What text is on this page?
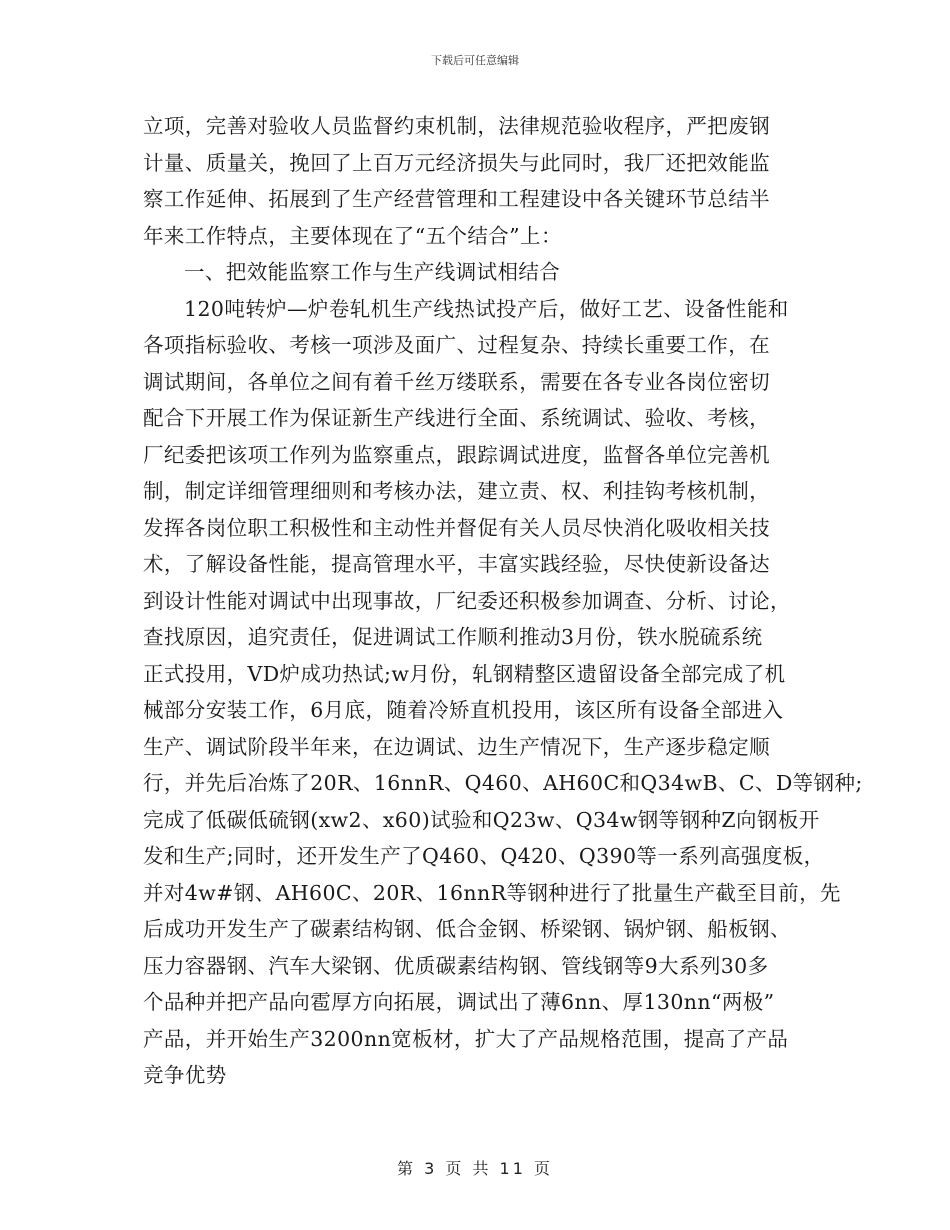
下载后可任意编辑
立项，完善对验收人员监督约束机制，法律规范验收程序，严把废钢
计量、质量关，挽回了上百万元经济损失与此同时，我厂还把效能监
察工作延伸、拓展到了生产经营管理和工程建设中各关键环节总结半
年来工作特点，主要体现在了“五个结合”上：
一、把效能监察工作与生产线调试相结合
120吨转炉—炉卷轧机生产线热试投产后，做好工艺、设备性能和
各项指标验收、考核一项涉及面广、过程复杂、持续长重要工作，在
调试期间，各单位之间有着千丝万缕联系，需要在各专业各岗位密切
配合下开展工作为保证新生产线进行全面、系统调试、验收、考核，
厂纪委把该项工作列为监察重点，跟踪调试进度，监督各单位完善机
制，制定详细管理细则和考核办法，建立责、权、利挂钩考核机制，
发挥各岗位职工积极性和主动性并督促有关人员尽快消化吸收相关技
术，了解设备性能，提高管理水平，丰富实践经验，尽快使新设备达
到设计性能对调试中出现事故，厂纪委还积极参加调查、分析、讨论，
查找原因，追究责任，促进调试工作顺利推动3月份，铁水脱硫系统
正式投用，VD炉成功热试;w月份，轧钢精整区遗留设备全部完成了机
械部分安装工作，6月底，随着冷矫直机投用，该区所有设备全部进入
生产、调试阶段半年来，在边调试、边生产情况下，生产逐步稳定顺
行，并先后冶炼了20R、16nnR、Q460、AH60C和Q34wB、C、D等钢种;
完成了低碳低硫钢(xw2、x60)试验和Q23w、Q34w钢等钢种Z向钢板开
发和生产;同时，还开发生产了Q460、Q420、Q390等一系列高强度板，
并对4w#钢、AH60C、20R、16nnR等钢种进行了批量生产截至目前，先
后成功开发生产了碳素结构钢、低合金钢、桥梁钢、锅炉钢、船板钢、
压力容器钢、汽车大梁钢、优质碳素结构钢、管线钢等9大系列30多
个品种并把产品向雹厚方向拓展，调试出了薄6nn、厚130nn“两极”
产品，并开始生产3200nn宽板材，扩大了产品规格范围，提高了产品
竞争优势
第 3 页 共 11 页
